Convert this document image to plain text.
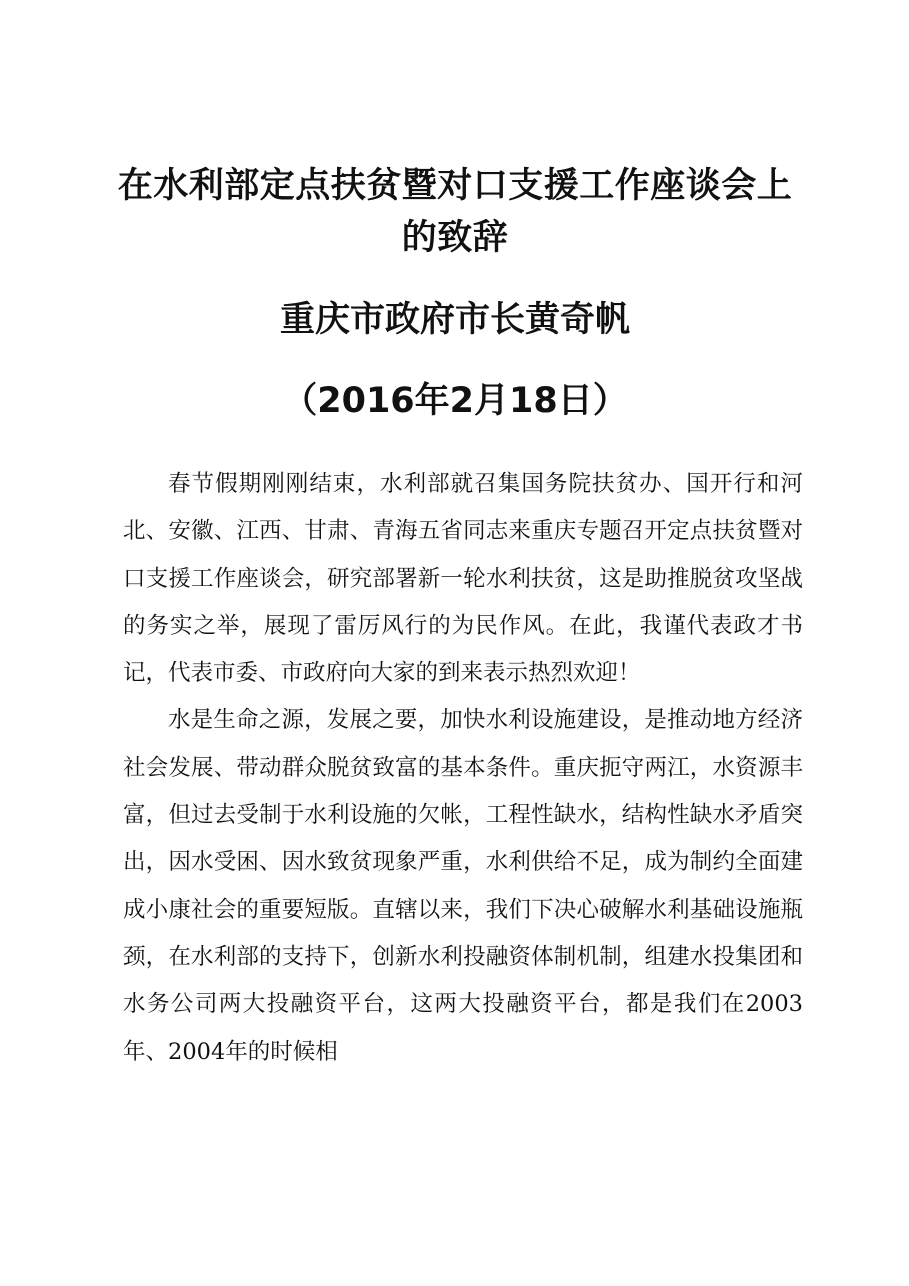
在水利部定点扶贫暨对口支援工作座谈会上的致辞
重庆市政府市长黄奇帆
（2016年2月18日）

春节假期刚刚结束，水利部就召集国务院扶贫办、国开行和河北、安徽、江西、甘肃、青海五省同志来重庆专题召开定点扶贫暨对口支援工作座谈会，研究部署新一轮水利扶贫，这是助推脱贫攻坚战的务实之举，展现了雷厉风行的为民作风。在此，我谨代表政才书记，代表市委、市政府向大家的到来表示热烈欢迎！

水是生命之源，发展之要，加快水利设施建设，是推动地方经济社会发展、带动群众脱贫致富的基本条件。重庆扼守两江，水资源丰富，但过去受制于水利设施的欠帐，工程性缺水，结构性缺水矛盾突出，因水受困、因水致贫现象严重，水利供给不足，成为制约全面建成小康社会的重要短版。直辖以来，我们下决心破解水利基础设施瓶颈，在水利部的支持下，创新水利投融资体制机制，组建水投集团和水务公司两大投融资平台，这两大投融资平台，都是我们在2003年、2004年的时候相
